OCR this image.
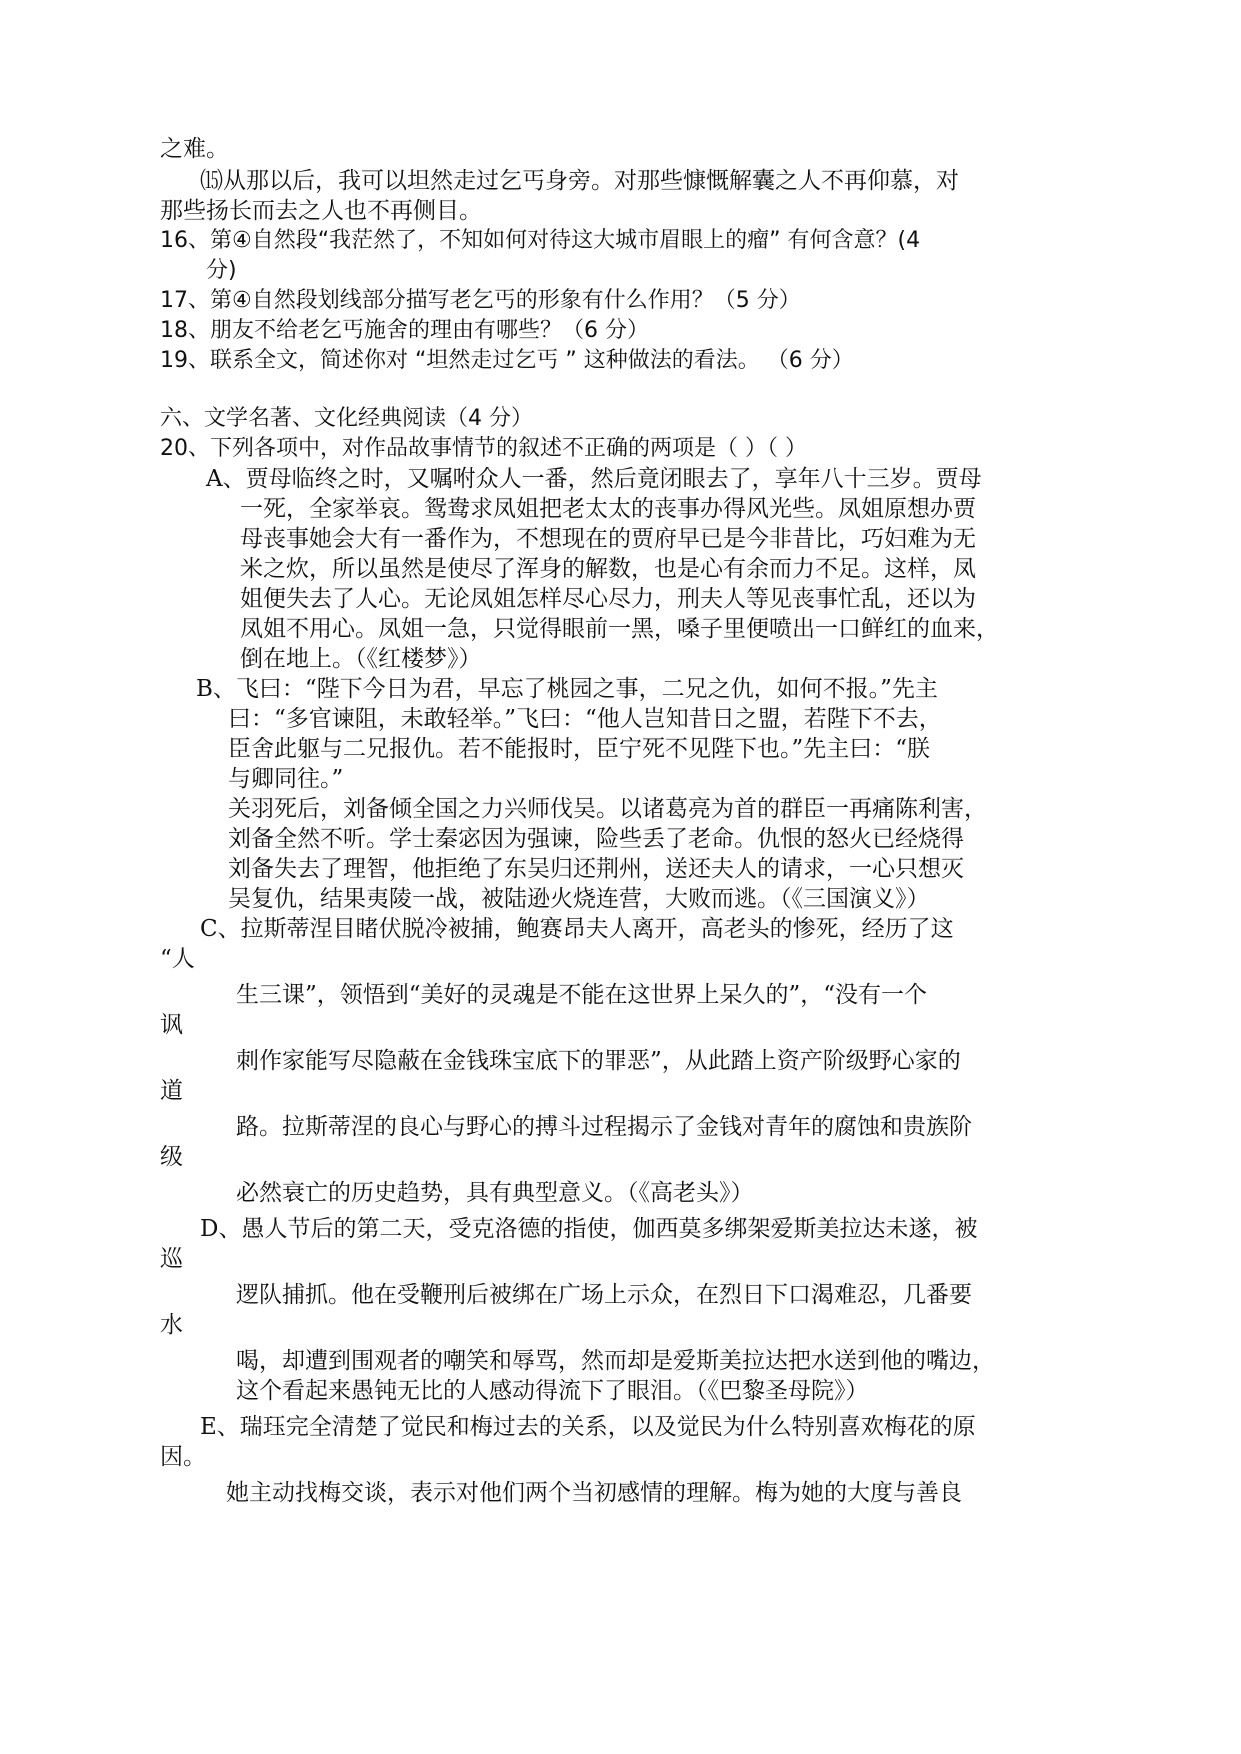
之难。
⒂从那以后，我可以坦然走过乞丐身旁。对那些慷慨解囊之人不再仰慕，对
那些扬长而去之人也不再侧目。
16、第④自然段“我茫然了，不知如何对待这大城市眉眼上的瘤” 有何含意？(4
分)
17、第④自然段划线部分描写老乞丐的形象有什么作用？（5 分）
18、朋友不给老乞丐施舍的理由有哪些？（6 分）
19、联系全文，简述你对 “坦然走过乞丐 ” 这种做法的看法。 （6 分）
六、文学名著、文化经典阅读（4 分）
20、下列各项中，对作品故事情节的叙述不正确的两项是（ ）（ ）
A、贾母临终之时，又嘱咐众人一番，然后竟闭眼去了，享年八十三岁。贾母
一死，全家举哀。鸳鸯求凤姐把老太太的丧事办得风光些。凤姐原想办贾
母丧事她会大有一番作为，不想现在的贾府早已是今非昔比，巧妇难为无
米之炊，所以虽然是使尽了浑身的解数，也是心有余而力不足。这样，凤
姐便失去了人心。无论凤姐怎样尽心尽力，刑夫人等见丧事忙乱，还以为
凤姐不用心。凤姐一急，只觉得眼前一黑，嗓子里便喷出一口鲜红的血来，
倒在地上。（《红楼梦》）
B、飞曰：“陛下今日为君，早忘了桃园之事，二兄之仇，如何不报。”先主
曰：“多官谏阻，未敢轻举。”飞曰：“他人岂知昔日之盟，若陛下不去，
臣舍此躯与二兄报仇。若不能报时，臣宁死不见陛下也。”先主曰：“朕
与卿同往。”
关羽死后，刘备倾全国之力兴师伐吴。以诸葛亮为首的群臣一再痛陈利害，
刘备全然不听。学士秦宓因为强谏，险些丢了老命。仇恨的怒火已经烧得
刘备失去了理智，他拒绝了东吴归还荆州，送还夫人的请求，一心只想灭
吴复仇，结果夷陵一战，被陆逊火烧连营，大败而逃。（《三国演义》）
C、拉斯蒂涅目睹伏脱冷被捕，鲍赛昂夫人离开，高老头的惨死，经历了这
“人
生三课”，领悟到“美好的灵魂是不能在这世界上呆久的”，“没有一个
讽
刺作家能写尽隐蔽在金钱珠宝底下的罪恶”，从此踏上资产阶级野心家的
道
路。拉斯蒂涅的良心与野心的搏斗过程揭示了金钱对青年的腐蚀和贵族阶
级
必然衰亡的历史趋势，具有典型意义。（《高老头》）
D、愚人节后的第二天，受克洛德的指使，伽西莫多绑架爱斯美拉达未遂，被
巡
逻队捕抓。他在受鞭刑后被绑在广场上示众，在烈日下口渴难忍，几番要
水
喝，却遭到围观者的嘲笑和辱骂，然而却是爱斯美拉达把水送到他的嘴边，
这个看起来愚钝无比的人感动得流下了眼泪。（《巴黎圣母院》）
E、瑞珏完全清楚了觉民和梅过去的关系，以及觉民为什么特别喜欢梅花的原
因。
她主动找梅交谈，表示对他们两个当初感情的理解。梅为她的大度与善良
